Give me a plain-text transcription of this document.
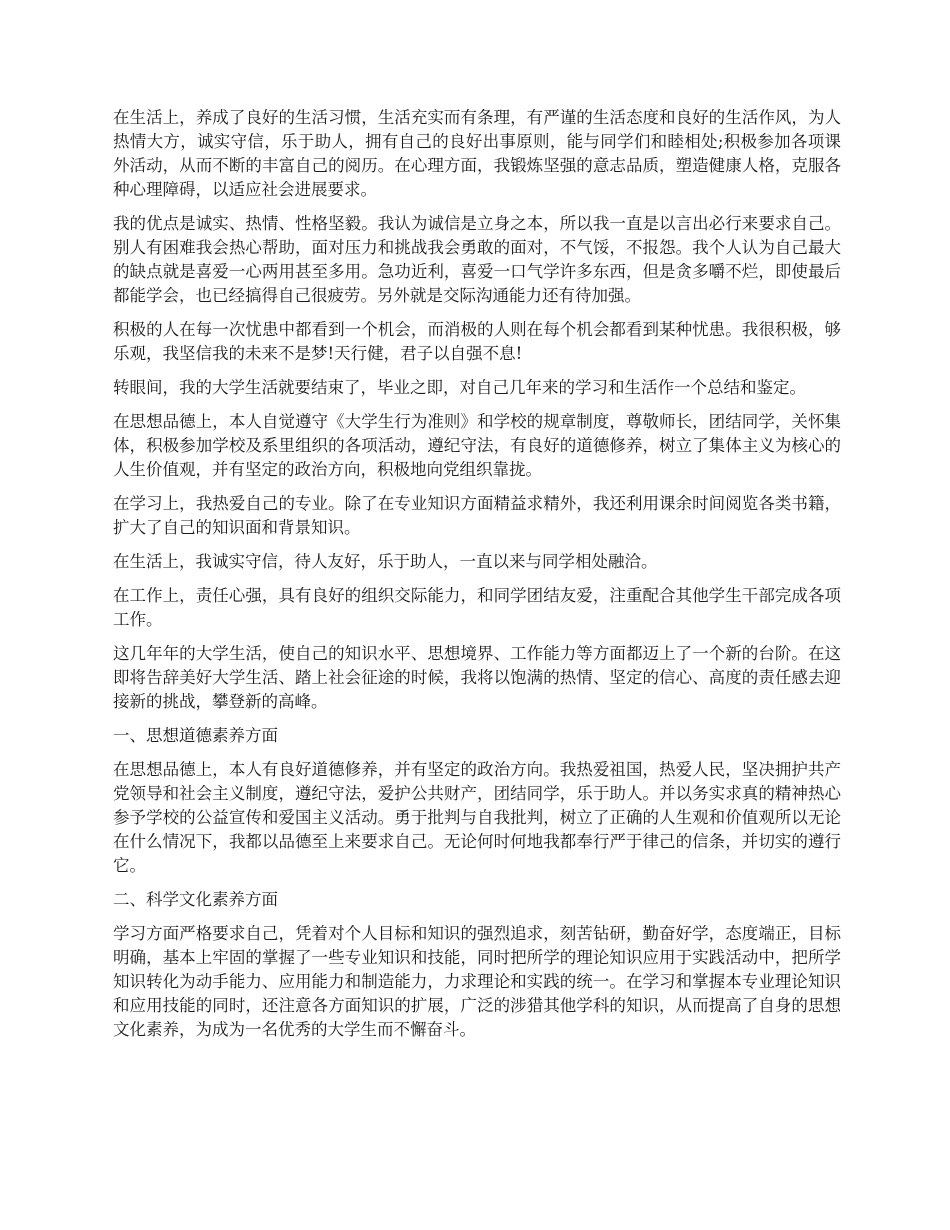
在生活上，养成了良好的生活习惯，生活充实而有条理，有严谨的生活态度和良好的生活作风，为人热情大方，诚实守信，乐于助人，拥有自己的良好出事原则，能与同学们和睦相处;积极参加各项课外活动，从而不断的丰富自己的阅历。在心理方面，我锻炼坚强的意志品质，塑造健康人格，克服各种心理障碍，以适应社会进展要求。

我的优点是诚实、热情、性格坚毅。我认为诚信是立身之本，所以我一直是以言出必行来要求自己。别人有困难我会热心帮助，面对压力和挑战我会勇敢的面对，不气馁，不报怨。我个人认为自己最大的缺点就是喜爱一心两用甚至多用。急功近利，喜爱一口气学许多东西，但是贪多嚼不烂，即使最后都能学会，也已经搞得自己很疲劳。另外就是交际沟通能力还有待加强。

积极的人在每一次忧患中都看到一个机会，而消极的人则在每个机会都看到某种忧患。我很积极，够乐观，我坚信我的未来不是梦!天行健，君子以自强不息!

转眼间，我的大学生活就要结束了，毕业之即，对自己几年来的学习和生活作一个总结和鉴定。

在思想品德上，本人自觉遵守《大学生行为准则》和学校的规章制度，尊敬师长，团结同学，关怀集体，积极参加学校及系里组织的各项活动，遵纪守法，有良好的道德修养，树立了集体主义为核心的人生价值观，并有坚定的政治方向，积极地向党组织靠拢。

在学习上，我热爱自己的专业。除了在专业知识方面精益求精外，我还利用课余时间阅览各类书籍，扩大了自己的知识面和背景知识。

在生活上，我诚实守信，待人友好，乐于助人，一直以来与同学相处融洽。

在工作上，责任心强，具有良好的组织交际能力，和同学团结友爱，注重配合其他学生干部完成各项工作。

这几年年的大学生活，使自己的知识水平、思想境界、工作能力等方面都迈上了一个新的台阶。在这即将告辞美好大学生活、踏上社会征途的时候，我将以饱满的热情、坚定的信心、高度的责任感去迎接新的挑战，攀登新的高峰。

一、思想道德素养方面

在思想品德上，本人有良好道德修养，并有坚定的政治方向。我热爱祖国，热爱人民，坚决拥护共产党领导和社会主义制度，遵纪守法，爱护公共财产，团结同学，乐于助人。并以务实求真的精神热心参予学校的公益宣传和爱国主义活动。勇于批判与自我批判，树立了正确的人生观和价值观所以无论在什么情况下，我都以品德至上来要求自己。无论何时何地我都奉行严于律己的信条，并切实的遵行它。

二、科学文化素养方面

学习方面严格要求自己，凭着对个人目标和知识的强烈追求，刻苦钻研，勤奋好学，态度端正，目标明确，基本上牢固的掌握了一些专业知识和技能，同时把所学的理论知识应用于实践活动中，把所学知识转化为动手能力、应用能力和制造能力，力求理论和实践的统一。在学习和掌握本专业理论知识和应用技能的同时，还注意各方面知识的扩展，广泛的涉猎其他学科的知识，从而提高了自身的思想文化素养，为成为一名优秀的大学生而不懈奋斗。
